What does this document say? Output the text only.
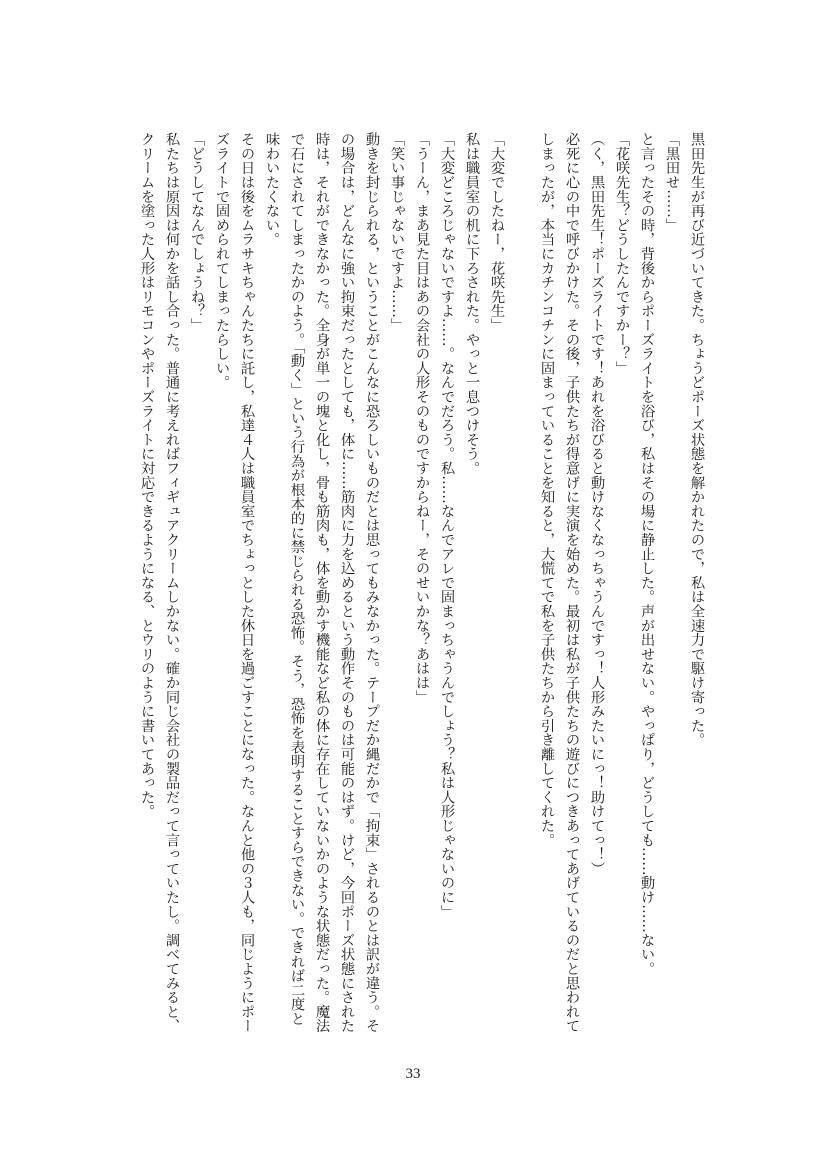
黒田先生が再び近づいてきた。ちょうどポーズ状態を解かれたので，私は全速力で駆け寄った。
「黒田せ……」
と言ったその時，背後からポーズライトを浴び，私はその場に静止した。声が出せない。やっぱり，どうしても……動け……ない。
「花咲先生？どうしたんですかー？」
（く，黒田先生！ポーズライトです！あれを浴びると動けなくなっちゃうんですっ！人形みたいにっ！助けてっ！）
必死に心の中で呼びかけた。その後，子供たちが得意げに実演を始めた。最初は私が子供たちの遊びにつきあってあげているのだと思われて
しまったが，本当にカチンコチンに固まっていることを知ると，大慌てで私を子供たちから引き離してくれた。
「大変でしたねー，花咲先生」
私は職員室の机に下ろされた。やっと一息つけそう。
「大変どころじゃないですよ……。なんでだろう。私……なんでアレで固まっちゃうんでしょう？私は人形じゃないのに」
「うーん，まあ見た目はあの会社の人形そのものですからねー，そのせいかな？あはは」
「笑い事じゃないですよ……」
動きを封じられる，ということがこんなに恐ろしいものだとは思ってもみなかった。テープだか縄だかで「拘束」されるのとは訳が違う。そ
の場合は，どんなに強い拘束だったとしても，体に……筋肉に力を込めるという動作そのものは可能のはず。けど，今回ポーズ状態にされた
時は，それができなかった。全身が単一の塊と化し，骨も筋肉も，体を動かす機能など私の体に存在していないかのような状態だった。魔法
で石にされてしまったかのよう。「動く」という行為が根本的に禁じられる恐怖。そう，恐怖を表明することすらできない。できれば二度と
味わいたくない。
その日は後をムラサキちゃんたちに託し，私達４人は職員室でちょっとした休日を過ごすことになった。なんと他の３人も，同じようにポー
ズライトで固められてしまったらしい。
「どうしてなんでしょうね？」
私たちは原因は何かを話し合った。普通に考えればフィギュアクリームしかない。確か同じ会社の製品だって言っていたし。調べてみると、
クリームを塗った人形はリモコンやポーズライトに対応できるようになる、とウリのように書いてあった。
33
